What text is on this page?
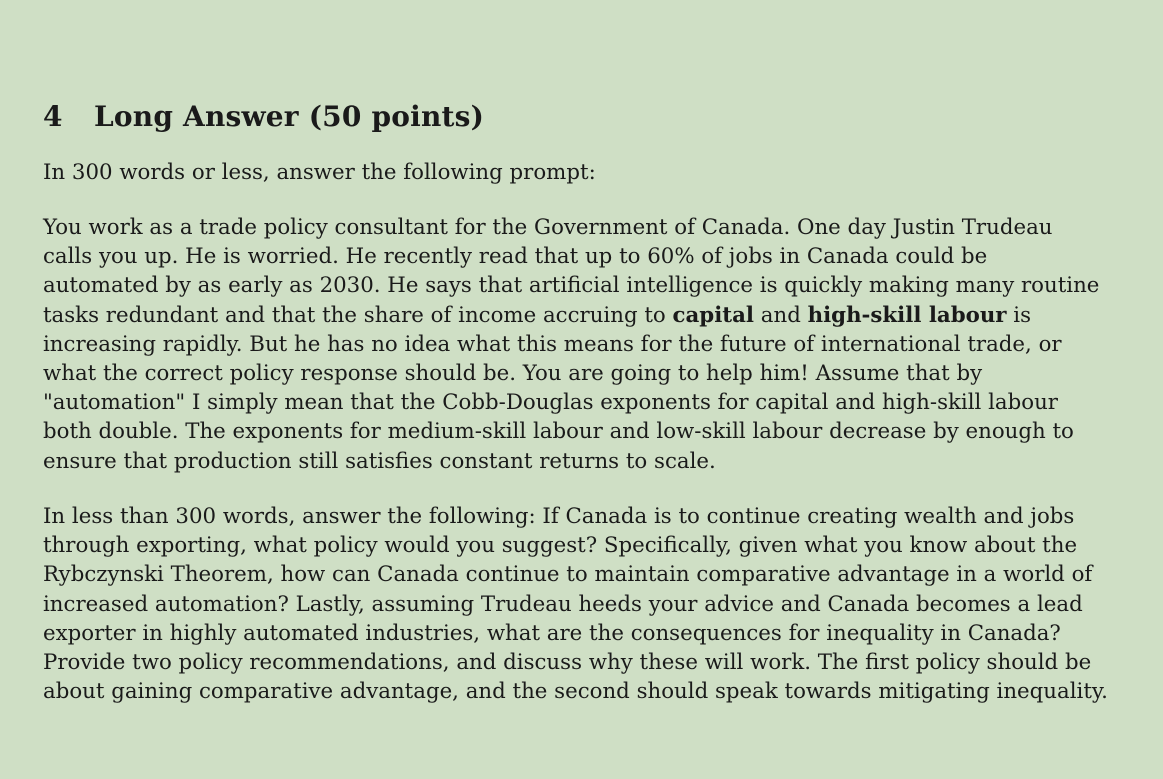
4 Long Answer (50 points)

In 300 words or less, answer the following prompt:

You work as a trade policy consultant for the Government of Canada. One day Justin Trudeau
calls you up. He is worried. He recently read that up to 60% of jobs in Canada could be
automated by as early as 2030. He says that artificial intelligence is quickly making many routine
tasks redundant and that the share of income accruing to capital and high-skill labour is
increasing rapidly. But he has no idea what this means for the future of international trade, or
what the correct policy response should be. You are going to help him! Assume that by
"automation" I simply mean that the Cobb-Douglas exponents for capital and high-skill labour
both double. The exponents for medium-skill labour and low-skill labour decrease by enough to
ensure that production still satisfies constant returns to scale.

In less than 300 words, answer the following: If Canada is to continue creating wealth and jobs
through exporting, what policy would you suggest? Specifically, given what you know about the
Rybczynski Theorem, how can Canada continue to maintain comparative advantage in a world of
increased automation? Lastly, assuming Trudeau heeds your advice and Canada becomes a lead
exporter in highly automated industries, what are the consequences for inequality in Canada?
Provide two policy recommendations, and discuss why these will work. The first policy should be
about gaining comparative advantage, and the second should speak towards mitigating inequality.
